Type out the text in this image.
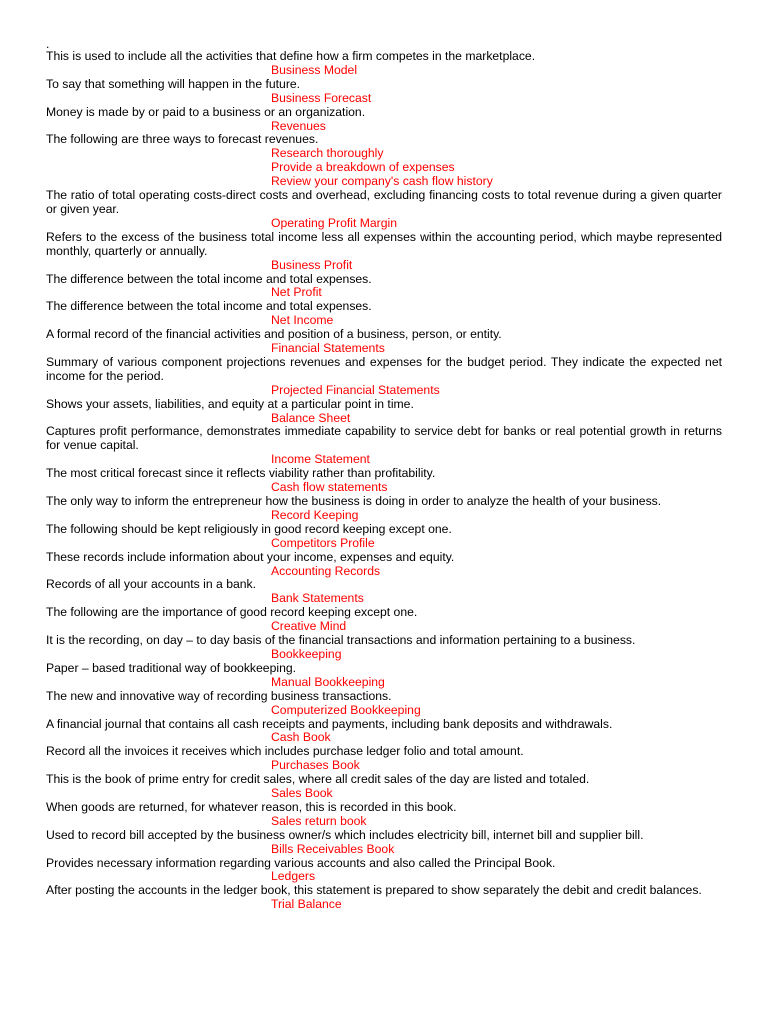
.
This is used to include all the activities that define how a firm competes in the marketplace.
Business Model
To say that something will happen in the future.
Business Forecast
Money is made by or paid to a business or an organization.
Revenues
The following are three ways to forecast revenues.
Research thoroughly
Provide a breakdown of expenses
Review your company's cash flow history
The ratio of total operating costs-direct costs and overhead, excluding financing costs to total revenue during a given quarter or given year.
Operating Profit Margin
Refers to the excess of the business total income less all expenses within the accounting period, which maybe represented monthly, quarterly or annually.
Business Profit
The difference between the total income and total expenses.
Net Profit
The difference between the total income and total expenses.
Net Income
A formal record of the financial activities and position of a business, person, or entity.
Financial Statements
Summary of various component projections revenues and expenses for the budget period. They indicate the expected net income for the period.
Projected Financial Statements
Shows your assets, liabilities, and equity at a particular point in time.
Balance Sheet
Captures profit performance, demonstrates immediate capability to service debt for banks or real potential growth in returns for venue capital.
Income Statement
The most critical forecast since it reflects viability rather than profitability.
Cash flow statements
The only way to inform the entrepreneur how the business is doing in order to analyze the health of your business.
Record Keeping
The following should be kept religiously in good record keeping except one.
Competitors Profile
These records include information about your income, expenses and equity.
Accounting Records
Records of all your accounts in a bank.
Bank Statements
The following are the importance of good record keeping except one.
Creative Mind
It is the recording, on day – to day basis of the financial transactions and information pertaining to a business.
Bookkeeping
Paper – based traditional way of bookkeeping.
Manual Bookkeeping
The new and innovative way of recording business transactions.
Computerized Bookkeeping
A financial journal that contains all cash receipts and payments, including bank deposits and withdrawals.
Cash Book
Record all the invoices it receives which includes purchase ledger folio and total amount.
Purchases Book
This is the book of prime entry for credit sales, where all credit sales of the day are listed and totaled.
Sales Book
When goods are returned, for whatever reason, this is recorded in this book.
Sales return book
Used to record bill accepted by the business owner/s which includes electricity bill, internet bill and supplier bill.
Bills Receivables Book
Provides necessary information regarding various accounts and also called the Principal Book.
Ledgers
After posting the accounts in the ledger book, this statement is prepared to show separately the debit and credit balances.
Trial Balance
